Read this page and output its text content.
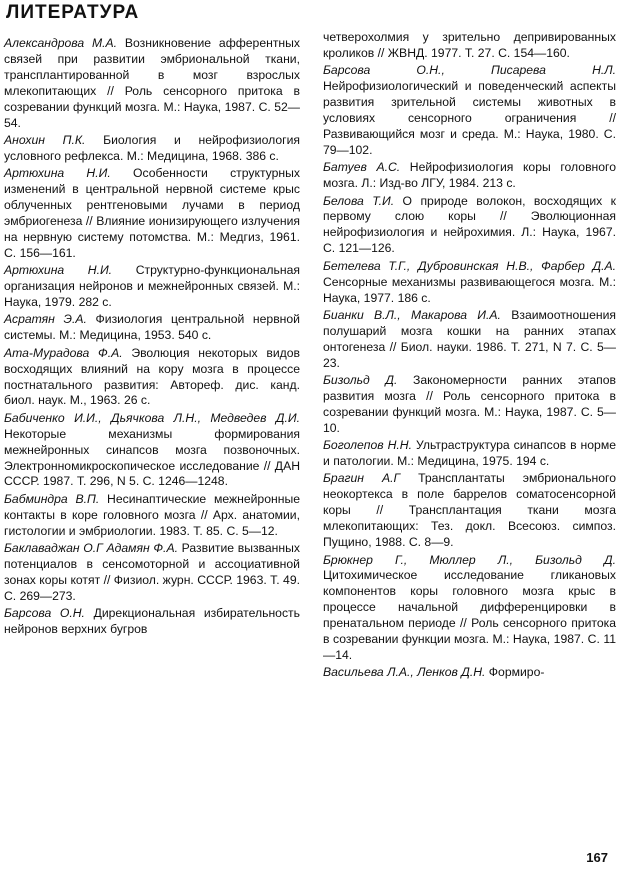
ЛИТЕРАТУРА

Александрова М.А. Возникновение афферентных связей при развитии эмбриональной ткани, трансплантированной в мозг взрослых млекопитающих // Роль сенсорного притока в созревании функций мозга. М.: Наука, 1987. С. 52—54.

Анохин П.К. Биология и нейрофизиология условного рефлекса. М.: Медицина, 1968. 386 с.

Артюхина Н.И. Особенности структурных изменений в центральной нервной системе крыс облученных рентгеновыми лучами в период эмбриогенеза // Влияние ионизирующего излучения на нервную систему потомства. М.: Медгиз, 1961. С. 156—161.

Артюхина Н.И. Структурно-функциональная организация нейронов и межнейронных связей. М.: Наука, 1979. 282 с.

Асратян Э.А. Физиология центральной нервной системы. М.: Медицина, 1953. 540 с.

Ата-Мурадова Ф.А. Эволюция некоторых видов восходящих влияний на кору мозга в процессе постнатального развития: Автореф. дис. канд. биол. наук. М., 1963. 26 с.

Бабиченко И.И., Дьячкова Л.Н., Медведев Д.И. Некоторые механизмы формирования межнейронных синапсов мозга позвоночных. Электронномикроскопическое исследование // ДАН СССР. 1987. Т. 296, N 5. С. 1246—1248.

Бабминдра В.П. Несинаптические межнейронные контакты в коре головного мозга // Арх. анатомии, гистологии и эмбриологии. 1983. Т. 85. С. 5—12.

Баклаваджан О.Г Адамян Ф.А. Развитие вызванных потенциалов в сенсомоторной и ассоциативной зонах коры котят // Физиол. журн. СССР. 1963. Т. 49. С. 269—273.

Барсова О.Н. Дирекциональная избирательность нейронов верхних бугров

четверохолмия у зрительно депривированных кроликов // ЖВНД. 1977. Т. 27. С. 154—160.

Барсова О.Н., Писарева Н.Л. Нейрофизиологический и поведенческий аспекты развития зрительной системы животных в условиях сенсорного ограничения // Развивающийся мозг и среда. М.: Наука, 1980. С. 79—102.

Батуев А.С. Нейрофизиология коры головного мозга. Л.: Изд-во ЛГУ, 1984. 213 с.

Белова Т.И. О природе волокон, восходящих к первому слою коры // Эволюционная нейрофизиология и нейрохимия. Л.: Наука, 1967. С. 121—126.

Бетелева Т.Г., Дубровинская Н.В., Фарбер Д.А. Сенсорные механизмы развивающегося мозга. М.: Наука, 1977. 186 с.

Бианки В.Л., Макарова И.А. Взаимоотношения полушарий мозга кошки на ранних этапах онтогенеза // Биол. науки. 1986. Т. 271, N 7. С. 5—23.

Бизольд Д. Закономерности ранних этапов развития мозга // Роль сенсорного притока в созревании функций мозга. М.: Наука, 1987. С. 5—10.

Боголепов Н.Н. Ультраструктура синапсов в норме и патологии. М.: Медицина, 1975. 194 с.

Брагин А.Г Трансплантаты эмбрионального неокортекса в поле баррелов соматосенсорной коры // Трансплантация ткани мозга млекопитающих: Тез. докл. Всесоюз. симпоз. Пущино, 1988. С. 8—9.

Брюкнер Г., Мюллер Л., Бизольд Д. Цитохимическое исследование гликановых компонентов коры головного мозга крыс в процессе начальной дифференцировки в пренатальном периоде // Роль сенсорного притока в созревании функции мозга. М.: Наука, 1987. С. 11—14.

Васильева Л.А., Ленков Д.Н. Формиро-

167
